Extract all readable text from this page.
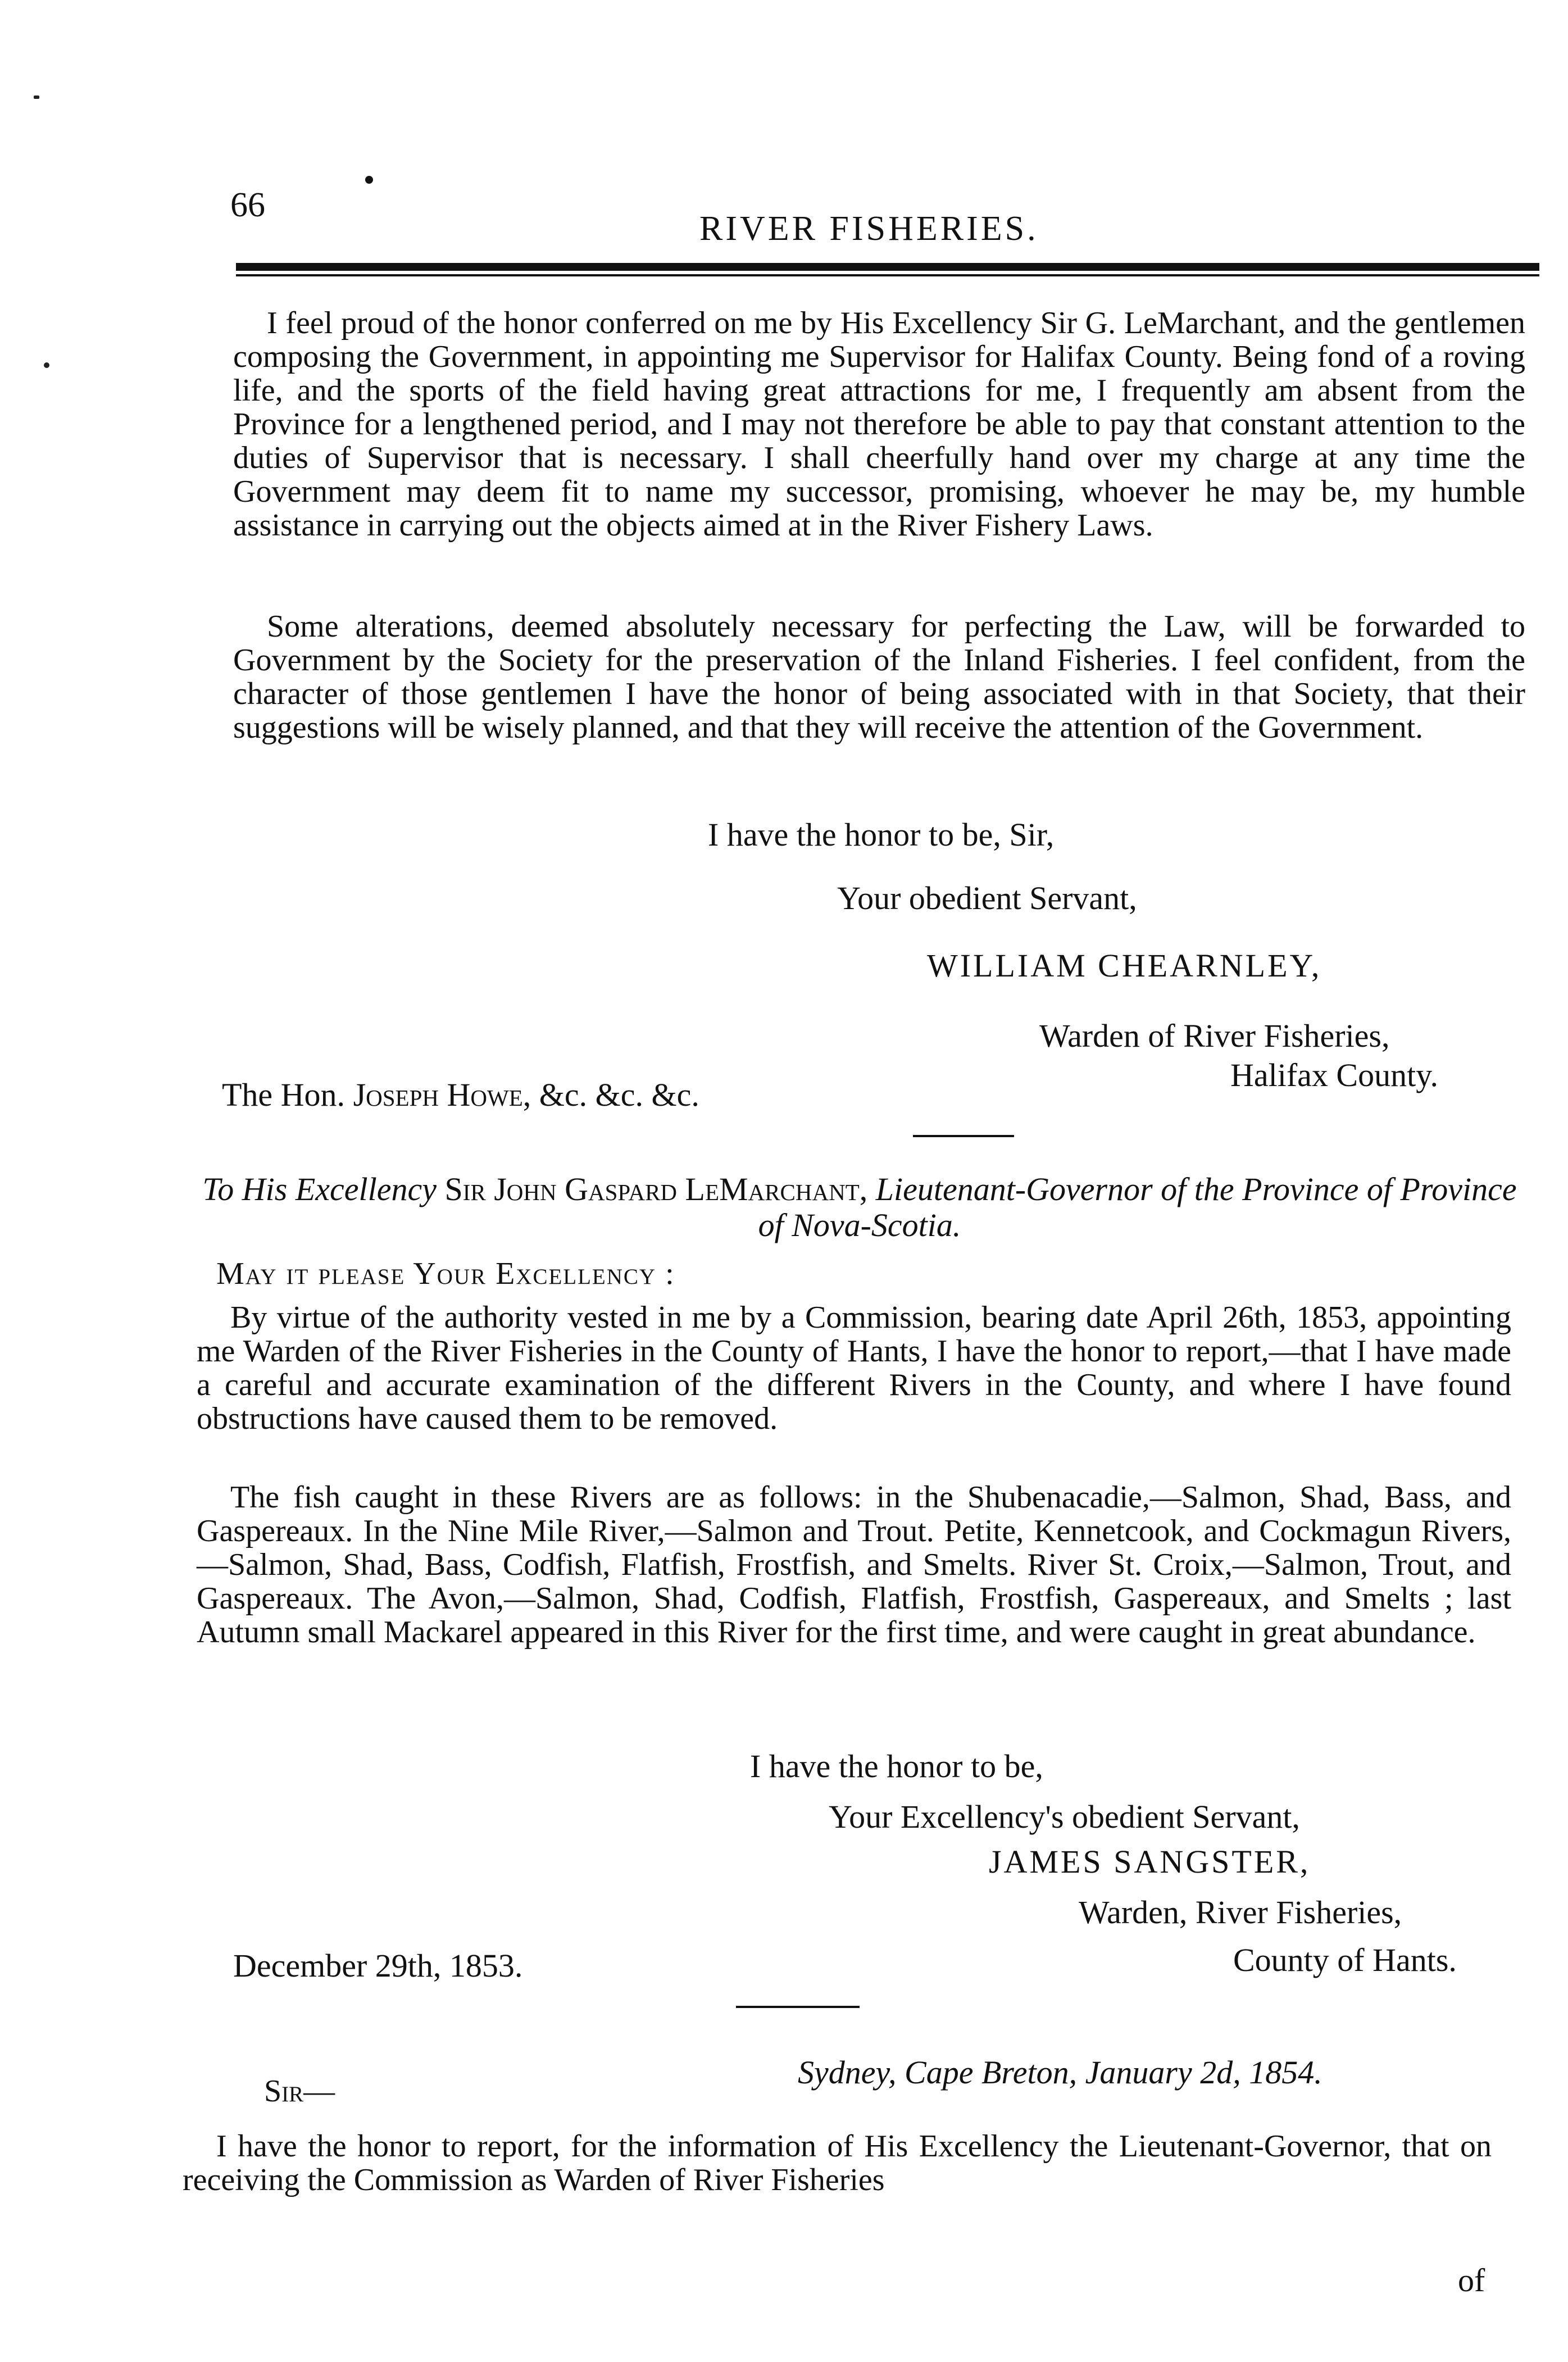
66
RIVER FISHERIES.
I feel proud of the honor conferred on me by His Excellency Sir G. LeMarchant, and the gentlemen composing the Government, in appointing me Supervisor for Halifax County. Being fond of a roving life, and the sports of the field having great attractions for me, I frequently am absent from the Province for a lengthened period, and I may not therefore be able to pay that constant attention to the duties of Supervisor that is necessary. I shall cheerfully hand over my charge at any time the Government may deem fit to name my successor, promising, whoever he may be, my humble assistance in carrying out the objects aimed at in the River Fishery Laws.
Some alterations, deemed absolutely necessary for perfecting the Law, will be forwarded to Government by the Society for the preservation of the Inland Fisheries. I feel confident, from the character of those gentlemen I have the honor of being associated with in that Society, that their suggestions will be wisely planned, and that they will receive the attention of the Government.
I have the honor to be, Sir,
Your obedient Servant,
WILLIAM CHEARNLEY,
Warden of River Fisheries,
Halifax County.
The Hon. Joseph Howe, &c. &c. &c.
To His Excellency Sir John Gaspard LeMarchant, Lieutenant-Governor of the Province of Province of Nova-Scotia.
May it please Your Excellency :
By virtue of the authority vested in me by a Commission, bearing date April 26th, 1853, appointing me Warden of the River Fisheries in the County of Hants, I have the honor to report,—that I have made a careful and accurate examination of the different Rivers in the County, and where I have found obstructions have caused them to be removed.
The fish caught in these Rivers are as follows: in the Shubenacadie,—Salmon, Shad, Bass, and Gaspereaux. In the Nine Mile River,—Salmon and Trout. Petite, Kennetcook, and Cockmagun Rivers,—Salmon, Shad, Bass, Codfish, Flatfish, Frostfish, and Smelts. River St. Croix,—Salmon, Trout, and Gaspereaux. The Avon,—Salmon, Shad, Codfish, Flatfish, Frostfish, Gaspereaux, and Smelts ; last Autumn small Mackarel appeared in this River for the first time, and were caught in great abundance.
I have the honor to be,
Your Excellency's obedient Servant,
JAMES SANGSTER,
Warden, River Fisheries,
County of Hants.
December 29th, 1853.
Sydney, Cape Breton, January 2d, 1854.
Sir—
I have the honor to report, for the information of His Excellency the Lieutenant-Governor, that on receiving the Commission as Warden of River Fisheries
of
